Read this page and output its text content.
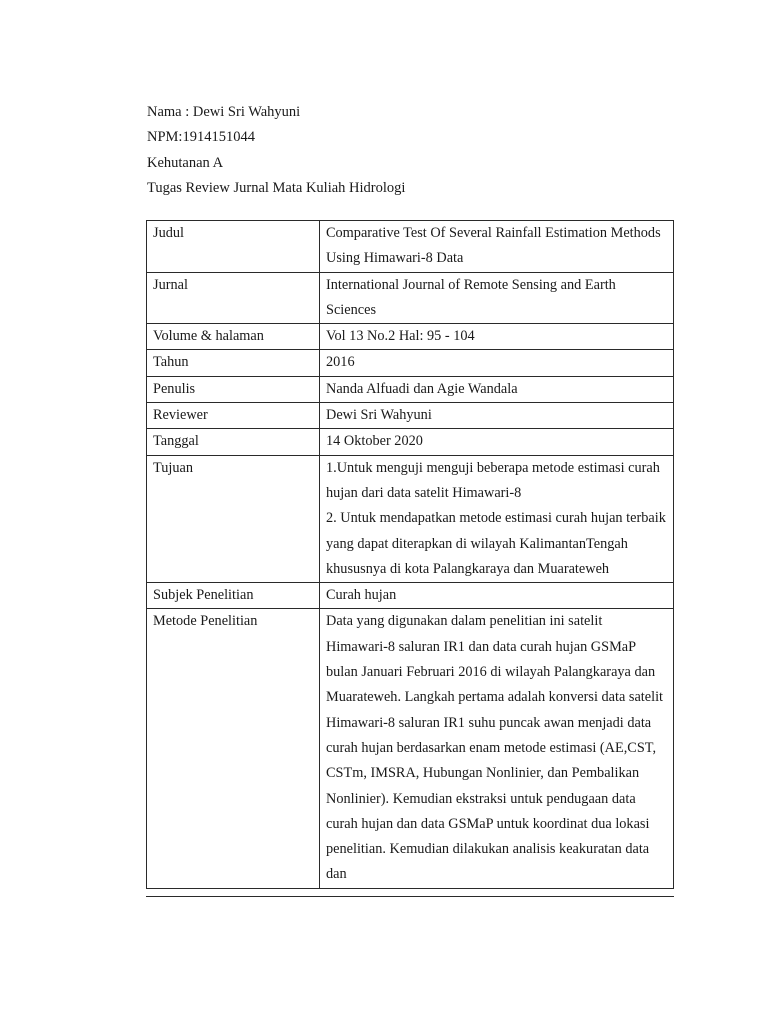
Nama : Dewi Sri Wahyuni
NPM:1914151044
Kehutanan A
Tugas Review Jurnal Mata Kuliah Hidrologi
Judul	Comparative Test Of Several Rainfall Estimation Methods Using Himawari-8 Data

Jurnal	International Journal of Remote Sensing and Earth Sciences

Volume & halaman	Vol 13 No.2 Hal: 95 - 104

Tahun	2016

Penulis	Nanda Alfuadi dan Agie Wandala

Reviewer	Dewi Sri Wahyuni

Tanggal	14 Oktober 2020

Tujuan	1.Untuk menguji menguji beberapa metode estimasi curah hujan dari data satelit Himawari-8

2. Untuk mendapatkan metode estimasi curah hujan terbaik yang dapat diterapkan di wilayah KalimantanTengah khususnya di kota Palangkaraya dan Muarateweh

Subjek Penelitian	Curah hujan

Metode Penelitian	Data yang digunakan dalam penelitian ini satelit Himawari-8 saluran IR1 dan data curah hujan GSMaP bulan Januari Februari 2016 di wilayah Palangkaraya dan Muarateweh. Langkah pertama adalah konversi data satelit Himawari-8 saluran IR1 suhu puncak awan menjadi data curah hujan berdasarkan enam metode estimasi (AE,CST, CSTm, IMSRA, Hubungan Nonlinier, dan Pembalikan Nonlinier). Kemudian ekstraksi untuk pendugaan data curah hujan dan data GSMaP untuk koordinat dua lokasi penelitian. Kemudian dilakukan analisis keakuratan data dan
